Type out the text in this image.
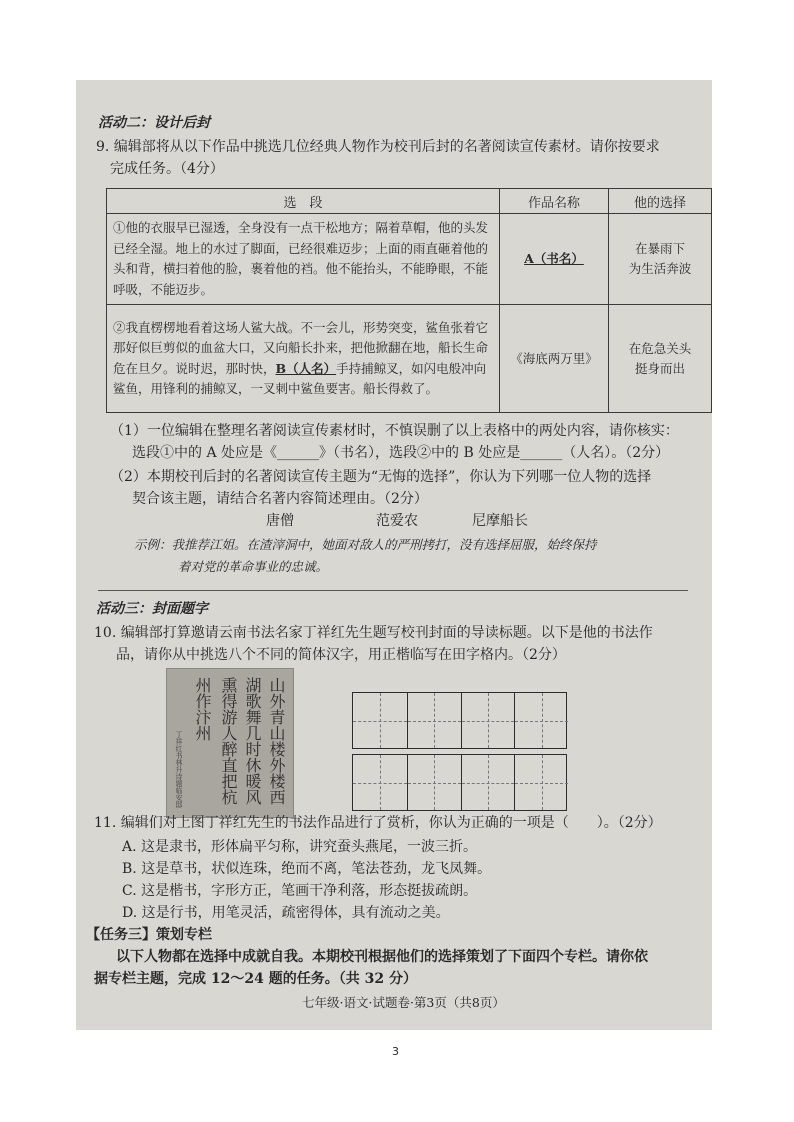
活动二：设计后封
9. 编辑部将从以下作品中挑选几位经典人物作为校刊后封的名著阅读宣传素材。请你按要求
完成任务。（4分）
选　段	作品名称	他的选择
①他的衣服早已湿透，全身没有一点干松地方；隔着草帽，他的头发已经全湿。地上的水过了脚面，已经很难迈步；上面的雨直砸着他的头和背，横扫着他的脸，裹着他的裆。他不能抬头，不能睁眼，不能呼吸，不能迈步。	A（书名）	在暴雨下
为生活奔波

②我直楞楞地看着这场人鲨大战。不一会儿，形势突变，鲨鱼张着它那好似巨剪似的血盆大口，又向船长扑来，把他掀翻在地，船长生命危在旦夕。说时迟，那时快，B（人名）手持捕鲸叉，如闪电般冲向鲨鱼，用锋利的捕鲸叉，一叉刺中鲨鱼要害。船长得救了。	《海底两万里》	在危急关头
挺身而出
（1）一位编辑在整理名著阅读宣传素材时，不慎误删了以上表格中的两处内容，请你核实：
选段①中的 A 处应是《______》（书名），选段②中的 B 处应是______（人名）。（2分）
（2）本期校刊后封的名著阅读宣传主题为“无悔的选择”，你认为下列哪一位人物的选择
契合该主题，请结合名著内容简述理由。（2分）
唐僧	范爱农	尼摩船长
示例：我推荐江姐。在渣滓洞中，她面对敌人的严刑拷打，没有选择屈服，始终保持
着对党的革命事业的忠诚。
活动三：封面题字
10. 编辑部打算邀请云南书法名家丁祥红先生题写校刊封面的导读标题。以下是他的书法作
品，请你从中挑选八个不同的简体汉字，用正楷临写在田字格内。（2分）
丁祥红书林升诗题临安邸	山外青山楼外楼西
湖歌舞几时休暖风
熏得游人醉直把杭
州作汴州
11. 编辑们对上图丁祥红先生的书法作品进行了赏析，你认为正确的一项是（　　）。（2分）
A. 这是隶书，形体扁平匀称，讲究蚕头燕尾，一波三折。
B. 这是草书，状似连珠，绝而不离，笔法苍劲，龙飞凤舞。
C. 这是楷书，字形方正，笔画干净利落，形态挺拔疏朗。
D. 这是行书，用笔灵活，疏密得体，具有流动之美。
【任务三】策划专栏
以下人物都在选择中成就自我。本期校刊根据他们的选择策划了下面四个专栏。请你依
据专栏主题，完成 12～24 题的任务。（共 32 分）
七年级·语文·试题卷·第3页（共8页）
3
